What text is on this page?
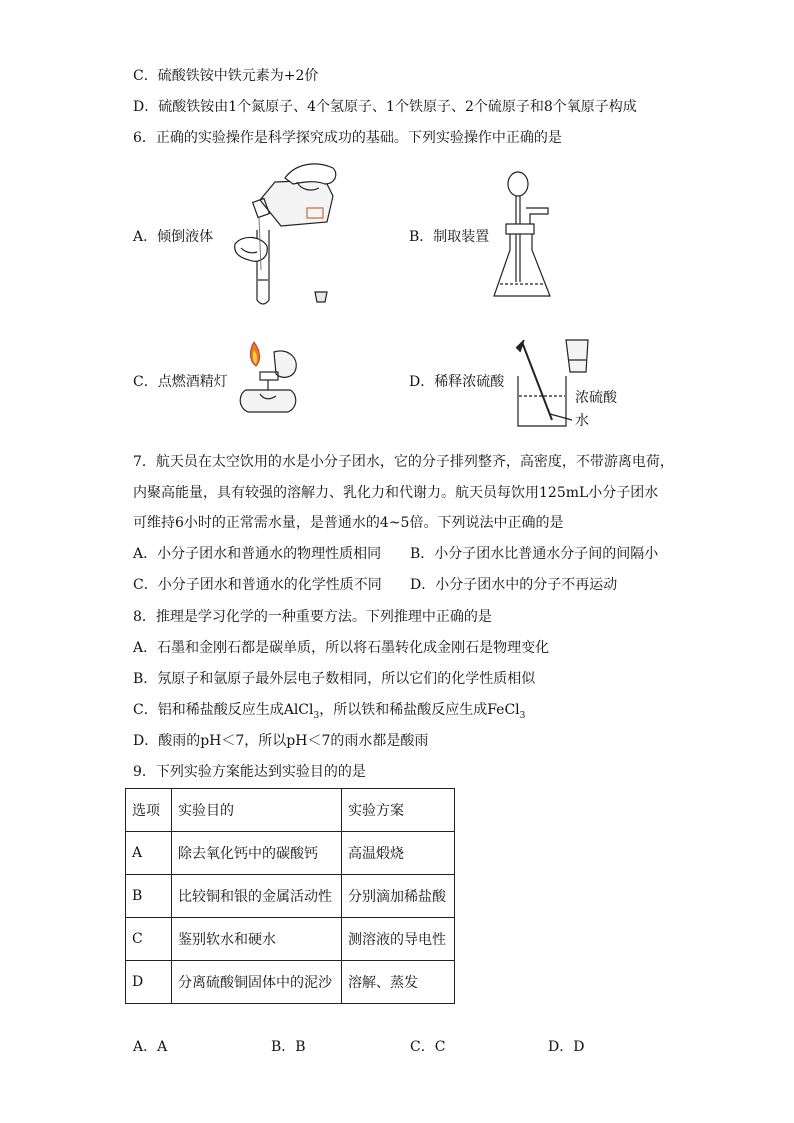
C．硫酸铁铵中铁元素为+2价
D．硫酸铁铵由1个氮原子、4个氢原子、1个铁原子、2个硫原子和8个氧原子构成
6．正确的实验操作是科学探究成功的基础。下列实验操作中正确的是
A．倾倒液体	B．制取装置
C．点燃酒精灯	D．稀释浓硫酸
浓硫酸
水
7．航天员在太空饮用的水是小分子团水，它的分子排列整齐，高密度，不带游离电荷，
内聚高能量，具有较强的溶解力、乳化力和代谢力。航天员每饮用125mL小分子团水
可维持6小时的正常需水量，是普通水的4~5倍。下列说法中正确的是
A．小分子团水和普通水的物理性质相同 B．小分子团水比普通水分子间的间隔小
C．小分子团水和普通水的化学性质不同 D．小分子团水中的分子不再运动
8．推理是学习化学的一种重要方法。下列推理中正确的是
A．石墨和金刚石都是碳单质，所以将石墨转化成金刚石是物理变化
B．氖原子和氩原子最外层电子数相同，所以它们的化学性质相似
C．铝和稀盐酸反应生成AlCl$_3$，所以铁和稀盐酸反应生成FeCl$_3$
D．酸雨的pH＜7，所以pH＜7的雨水都是酸雨
9．下列实验方案能达到实验目的的是
选项	实验目的	实验方案
A	除去氧化钙中的碳酸钙	高温煅烧
B	比较铜和银的金属活动性	分别滴加稀盐酸
C	鉴别软水和硬水	测溶液的导电性
D	分离硫酸铜固体中的泥沙	溶解、蒸发
A．A	B．B	C．C	D．D
